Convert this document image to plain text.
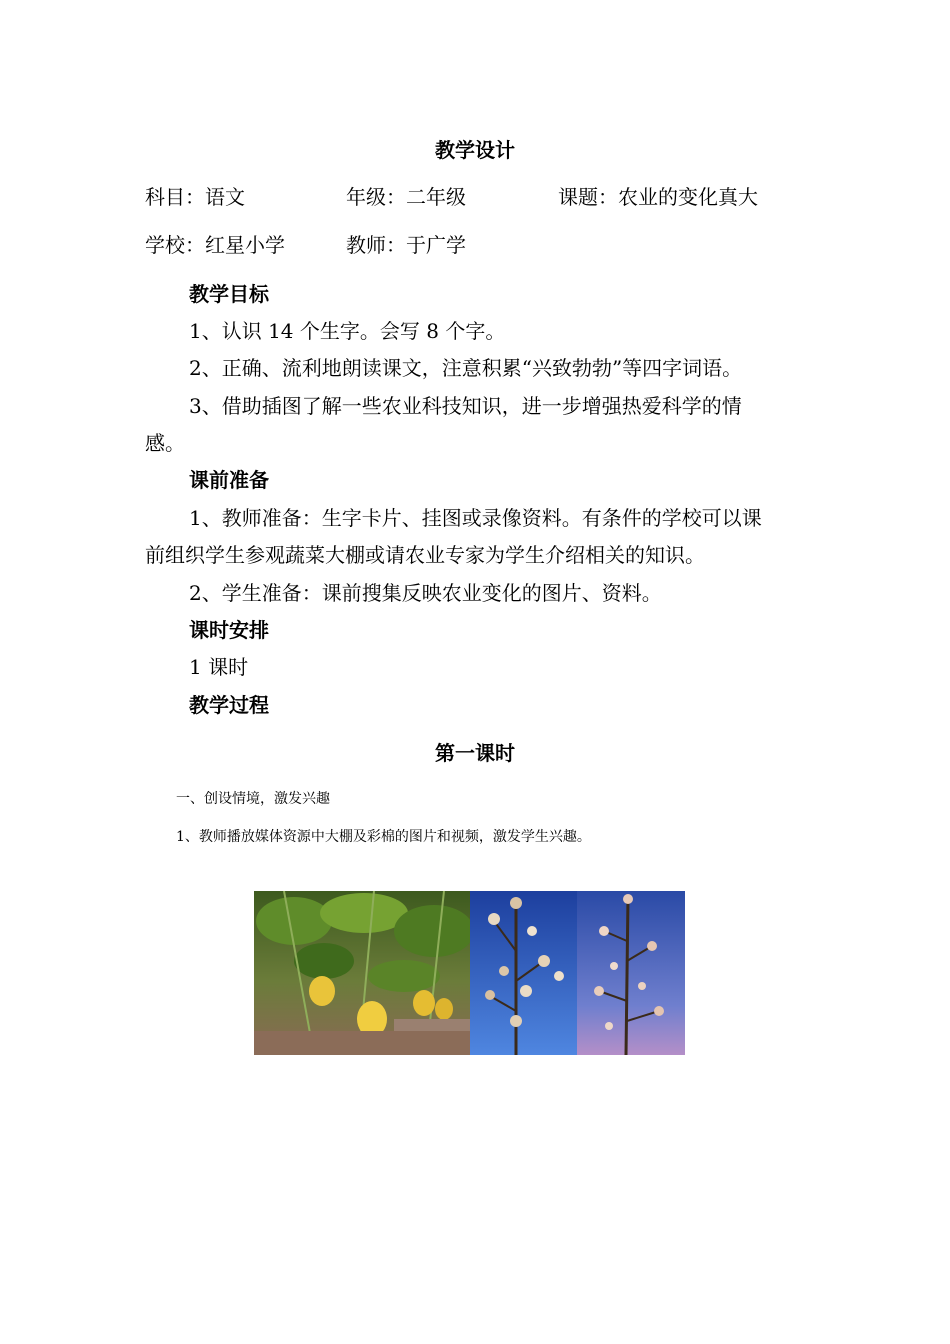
教学设计
科目：语文	年级：二年级	课题：农业的变化真大
学校：红星小学	教师：于广学
教学目标
1、认识 14 个生字。会写 8 个字。
2、正确、流利地朗读课文，注意积累“兴致勃勃”等四字词语。
3、借助插图了解一些农业科技知识，进一步增强热爱科学的情
感。
课前准备
1、教师准备：生字卡片、挂图或录像资料。有条件的学校可以课
前组织学生参观蔬菜大棚或请农业专家为学生介绍相关的知识。
2、学生准备：课前搜集反映农业变化的图片、资料。
课时安排
1 课时
教学过程
第一课时
一、创设情境，激发兴趣
1、教师播放媒体资源中大棚及彩棉的图片和视频，激发学生兴趣。
